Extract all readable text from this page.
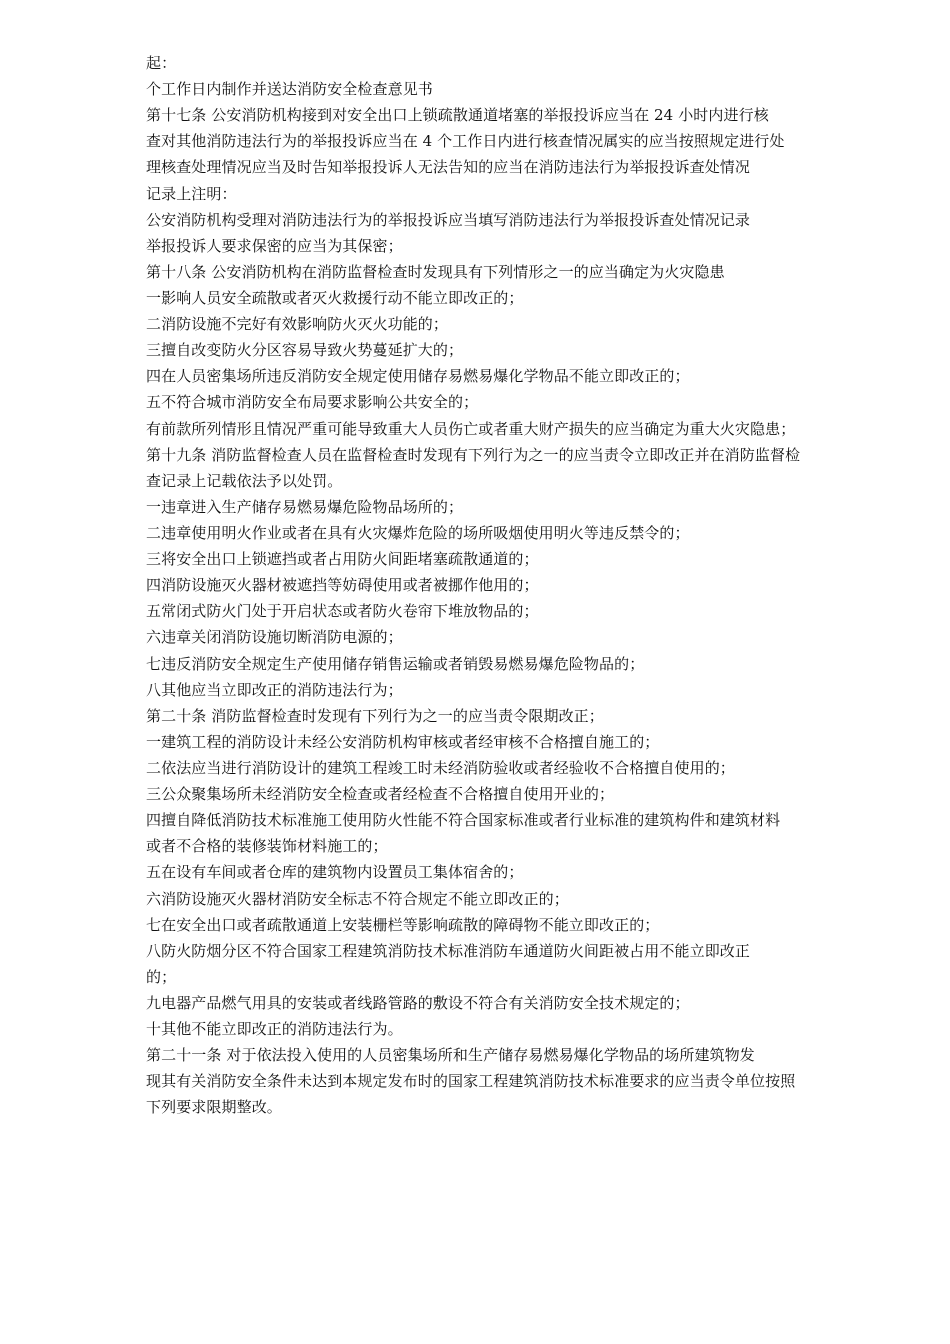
起：
个工作日内制作并送达消防安全检查意见书
第十七条 公安消防机构接到对安全出口上锁疏散通道堵塞的举报投诉应当在 24 小时内进行核
查对其他消防违法行为的举报投诉应当在 4 个工作日内进行核查情况属实的应当按照规定进行处
理核查处理情况应当及时告知举报投诉人无法告知的应当在消防违法行为举报投诉查处情况
记录上注明：
公安消防机构受理对消防违法行为的举报投诉应当填写消防违法行为举报投诉查处情况记录
举报投诉人要求保密的应当为其保密；
第十八条 公安消防机构在消防监督检查时发现具有下列情形之一的应当确定为火灾隐患
一影响人员安全疏散或者灭火救援行动不能立即改正的；
二消防设施不完好有效影响防火灭火功能的；
三擅自改变防火分区容易导致火势蔓延扩大的；
四在人员密集场所违反消防安全规定使用储存易燃易爆化学物品不能立即改正的；
五不符合城市消防安全布局要求影响公共安全的；
有前款所列情形且情况严重可能导致重大人员伤亡或者重大财产损失的应当确定为重大火灾隐患；
第十九条 消防监督检查人员在监督检查时发现有下列行为之一的应当责令立即改正并在消防监督检
查记录上记载依法予以处罚。
一违章进入生产储存易燃易爆危险物品场所的；
二违章使用明火作业或者在具有火灾爆炸危险的场所吸烟使用明火等违反禁令的；
三将安全出口上锁遮挡或者占用防火间距堵塞疏散通道的；
四消防设施灭火器材被遮挡等妨碍使用或者被挪作他用的；
五常闭式防火门处于开启状态或者防火卷帘下堆放物品的；
六违章关闭消防设施切断消防电源的；
七违反消防安全规定生产使用储存销售运输或者销毁易燃易爆危险物品的；
八其他应当立即改正的消防违法行为；
第二十条 消防监督检查时发现有下列行为之一的应当责令限期改正；
一建筑工程的消防设计未经公安消防机构审核或者经审核不合格擅自施工的；
二依法应当进行消防设计的建筑工程竣工时未经消防验收或者经验收不合格擅自使用的；
三公众聚集场所未经消防安全检查或者经检查不合格擅自使用开业的；
四擅自降低消防技术标准施工使用防火性能不符合国家标准或者行业标准的建筑构件和建筑材料
或者不合格的装修装饰材料施工的；
五在设有车间或者仓库的建筑物内设置员工集体宿舍的；
六消防设施灭火器材消防安全标志不符合规定不能立即改正的；
七在安全出口或者疏散通道上安装栅栏等影响疏散的障碍物不能立即改正的；
八防火防烟分区不符合国家工程建筑消防技术标准消防车通道防火间距被占用不能立即改正
的；
九电器产品燃气用具的安装或者线路管路的敷设不符合有关消防安全技术规定的；
十其他不能立即改正的消防违法行为。
第二十一条 对于依法投入使用的人员密集场所和生产储存易燃易爆化学物品的场所建筑物发
现其有关消防安全条件未达到本规定发布时的国家工程建筑消防技术标准要求的应当责令单位按照
下列要求限期整改。
